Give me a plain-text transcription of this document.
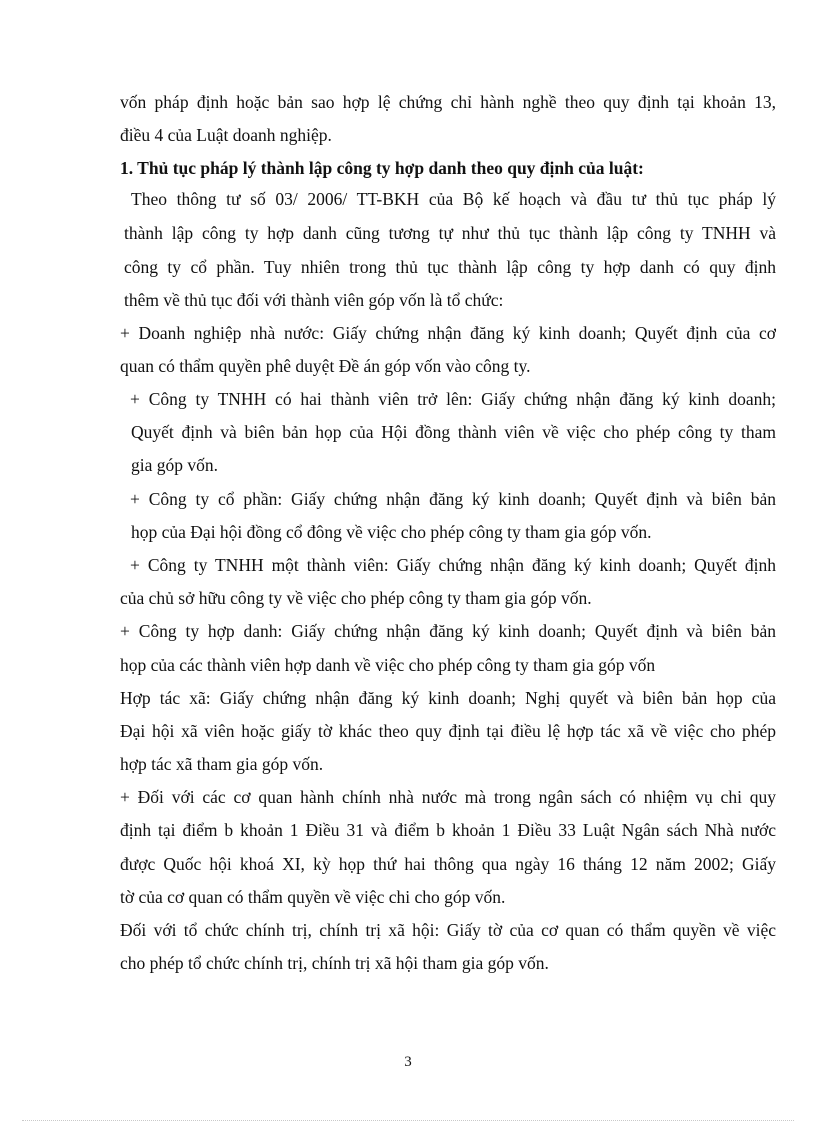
vốn pháp định hoặc bản sao hợp lệ chứng chỉ hành nghề theo quy định tại khoản 13,
điều 4 của Luật doanh nghiệp.
1. Thủ tục pháp lý thành lập công ty hợp danh theo quy định của luật:
Theo thông tư số 03/ 2006/ TT-BKH của Bộ kế hoạch và đầu tư thủ tục pháp lý
thành lập công ty hợp danh cũng tương tự như thủ tục thành lập công ty TNHH và
công ty cổ phần. Tuy nhiên trong thủ tục thành lập công ty hợp danh có quy định
thêm về thủ tục đối với thành viên góp vốn là tổ chức:
+ Doanh nghiệp nhà nước: Giấy chứng nhận đăng ký kinh doanh; Quyết định của cơ
quan có thẩm quyền phê duyệt Đề án góp vốn vào công ty.
+ Công ty TNHH có hai thành viên trở lên: Giấy chứng nhận đăng ký kinh doanh;
Quyết định và biên bản họp của Hội đồng thành viên về việc cho phép công ty tham
gia góp vốn.
+ Công ty cổ phần: Giấy chứng nhận đăng ký kinh doanh; Quyết định và biên bản
họp của Đại hội đồng cổ đông về việc cho phép công ty tham gia góp vốn.
+ Công ty TNHH một thành viên: Giấy chứng nhận đăng ký kinh doanh; Quyết định
của chủ sở hữu công ty về việc cho phép công ty tham gia góp vốn.
+ Công ty hợp danh: Giấy chứng nhận đăng ký kinh doanh; Quyết định và biên bản
họp của các thành viên hợp danh về việc cho phép công ty tham gia góp vốn
Hợp tác xã: Giấy chứng nhận đăng ký kinh doanh; Nghị quyết và biên bản họp của
Đại hội xã viên hoặc giấy tờ khác theo quy định tại điều lệ hợp tác xã về việc cho phép
hợp tác xã tham gia góp vốn.
+ Đối với các cơ quan hành chính nhà nước mà trong ngân sách có nhiệm vụ chi quy
định tại điểm b khoản 1 Điều 31 và điểm b khoản 1 Điều 33 Luật Ngân sách Nhà nước
được Quốc hội khoá XI, kỳ họp thứ hai thông qua ngày 16 tháng 12 năm 2002; Giấy
tờ của cơ quan có thẩm quyền về việc chi cho góp vốn.
Đối với tổ chức chính trị, chính trị xã hội: Giấy tờ của cơ quan có thẩm quyền về việc
cho phép tổ chức chính trị, chính trị xã hội tham gia góp vốn.
3
